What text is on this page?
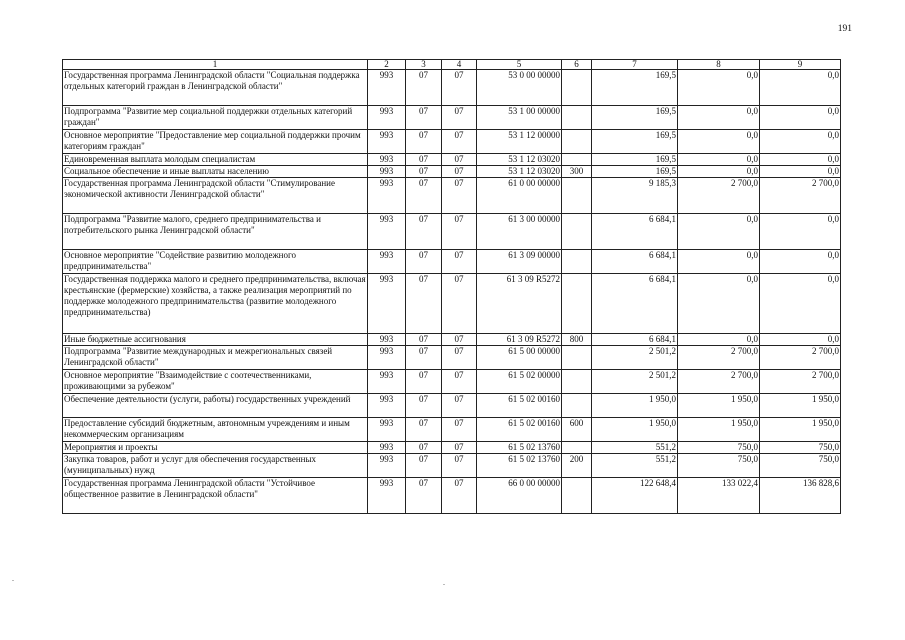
191
1	2	3	4	5	6	7	8	9
Государственная программа Ленинградской области "Социальная поддержка отдельных категорий граждан в Ленинградской области"	993	07	07	53 0 00 00000		169,5	0,0	0,0
Подпрограмма "Развитие мер социальной поддержки отдельных категорий граждан"	993	07	07	53 1 00 00000		169,5	0,0	0,0
Основное мероприятие "Предоставление мер социальной поддержки прочим категориям граждан"	993	07	07	53 1 12 00000		169,5	0,0	0,0
Единовременная выплата молодым специалистам	993	07	07	53 1 12 03020		169,5	0,0	0,0
Социальное обеспечение и иные выплаты населению	993	07	07	53 1 12 03020	300	169,5	0,0	0,0
Государственная программа Ленинградской области "Стимулирование экономической активности Ленинградской области"	993	07	07	61 0 00 00000		9 185,3	2 700,0	2 700,0
Подпрограмма "Развитие малого, среднего предпринимательства и потребительского рынка Ленинградской области"	993	07	07	61 3 00 00000		6 684,1	0,0	0,0
Основное мероприятие "Содействие развитию молодежного предпринимательства"	993	07	07	61 3 09 00000		6 684,1	0,0	0,0
Государственная поддержка малого и среднего предпринимательства, включая крестьянские (фермерские) хозяйства, а также реализация мероприятий по поддержке молодежного предпринимательства (развитие молодежного предпринимательства)	993	07	07	61 3 09 R5272		6 684,1	0,0	0,0
Иные бюджетные ассигнования	993	07	07	61 3 09 R5272	800	6 684,1	0,0	0,0
Подпрограмма "Развитие международных и межрегиональных связей Ленинградской области"	993	07	07	61 5 00 00000		2 501,2	2 700,0	2 700,0
Основное мероприятие "Взаимодействие с соотечественниками, проживающими за рубежом"	993	07	07	61 5 02 00000		2 501,2	2 700,0	2 700,0
Обеспечение деятельности (услуги, работы) государственных учреждений	993	07	07	61 5 02 00160		1 950,0	1 950,0	1 950,0
Предоставление субсидий бюджетным, автономным учреждениям и иным некоммерческим организациям	993	07	07	61 5 02 00160	600	1 950,0	1 950,0	1 950,0
Мероприятия и проекты	993	07	07	61 5 02 13760		551,2	750,0	750,0
Закупка товаров, работ и услуг для обеспечения государственных (муниципальных) нужд	993	07	07	61 5 02 13760	200	551,2	750,0	750,0
Государственная программа Ленинградской области "Устойчивое общественное развитие в Ленинградской области"	993	07	07	66 0 00 00000		122 648,4	133 022,4	136 828,6
